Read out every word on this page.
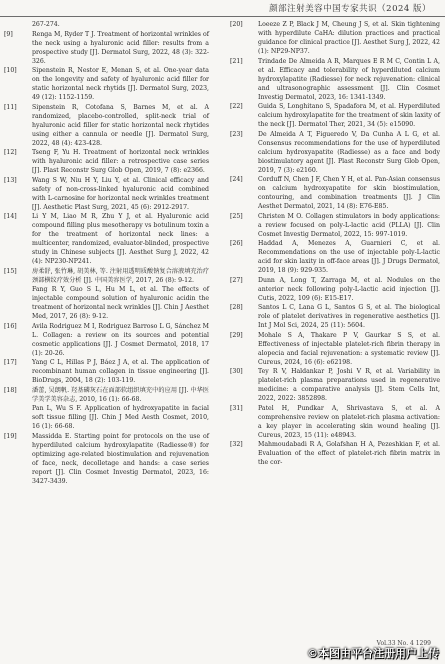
颜部注射美容中国专家共识（2024 版）
267-274.
[9]	Renga M, Ryder T J. Treatment of horizontal wrinkles of the neck using a hyaluronic acid filler: results from a prospective study [J]. Dermatol Surg, 2022, 48 (3): 322-326.
[10]	Sipenstein R, Nestor E, Menan S, et al. One-year data on the longevity and safety of hyaluronic acid filler for static horizontal neck rhytids [J]. Dermatol Surg, 2023, 49 (12): 1152-1159.
[11]	Sipenstein R, Cotofana S, Barnes M, et al. A randomized, placebo-controlled, split-neck trial of hyaluronic acid filler for static horizontal neck rhytides using either a cannula or needle [J]. Dermatol Surg, 2022, 48 (4): 423-428.
[12]	Tseng F, Yu H. Treatment of horizontal neck wrinkles with hyaluronic acid filler: a retrospective case series [J]. Plast Reconstr Surg Glob Open, 2019, 7 (8): e2366.
[13]	Wang S W, Niu H Y, Liu Y, et al. Clinical efficacy and safety of non-cross-linked hyaluronic acid combined with L-carnosine for horizontal neck wrinkles treatment [J]. Aesthetic Plast Surg, 2021, 45 (6): 2912-2917.
[14]	Li Y M, Liao M R, Zhu Y J, et al. Hyaluronic acid compound filling plus mesotherapy vs botulinum toxin a for the treatment of horizontal neck lines: a multicenter, randomized, evaluator-blinded, prospective study in Chinese subjects [J]. Aesthet Surg J, 2022, 42 (4): NP230-NP241.
[15]	房柔舒, 张竹琳, 胡美林, 等. 注射用透明质酸钠复合溶液填充治疗颈部横纹疗效分析 [J]. 中国美容医学, 2017, 26 (8): 9-12.
Fang R Y, Guo S L, Hu M L, et al. The effects of injectable compound solution of hyaluronic acidin the treatment of horizontal neck wrinkles [J]. Chin J Aesthet Med, 2017, 26 (8): 9-12.
[16]	Avila Rodriguez M I, Rodriguez Barroso L G, Sánchez M L. Collagen: a review on its sources and potential cosmetic applications [J]. J Cosmet Dermatol, 2018, 17 (1): 20-26.
[17]	Yang C L, Hillas P J, Báez J A, et al. The application of recombinant human collagen in tissue engineering [J]. BioDrugs, 2004, 18 (2): 103-119.
[18]	潘蕾, 吴朗帆. 羟基磷灰石在面部软组织填充中的应用 [J]. 中华医学美学美容杂志, 2010, 16 (1): 66-68.
Pan L, Wu S F. Application of hydroxyapatite in facial soft tissue filling [J]. Chin J Med Aesth Cosmet, 2010, 16 (1): 66-68.
[19]	Massidda E. Starting point for protocols on the use of hyperdiluted calcium hydroxylapatite (Radiesse®) for optimizing age-related biostimulation and rejuvenation of face, neck, decolletage and hands: a case series report [J]. Clin Cosmet Investig Dermatol, 2023, 16: 3427-3439.
[20]	Loeeze Z P, Black J M, Cheung J S, et al. Skin tightening with hyperdilute CaHA: dilution practices and practical guidance for clinical practice [J]. Aesthet Surg J, 2022, 42 (1): NP29-NP37.
[21]	Trindade De Almeida A R, Marques E R M C, Contin L A, et al. Efficacy and tolerability of hyperdiluted calcium hydroxylapatite (Radiesse) for neck rejuvenation: clinical and ultrasonographic assessment [J]. Clin Cosmet Investig Dermatol, 2023, 16: 1341-1349.
[22]	Guida S, Longhitano S, Spadafora M, et al. Hyperdiluted calcium hydroxylapatite for the treatment of skin laxity of the neck [J]. Dermatol Ther, 2021, 34 (5): e15090.
[23]	De Almeida A T, Figueredo V, Da Cunha A L G, et al. Consensus recommendations for the use of hyperdiluted calcium hydroxyapatite (Radiesse) as a face and body biostimulatory agent [J]. Plast Reconstr Surg Glob Open, 2019, 7 (3): e2160.
[24]	Corduff N, Chen J F, Chen Y H, et al. Pan-Asian consensus on calcium hydroxyapatite for skin biostimulation, contouring, and combination treatments [J]. J Clin Aesthet Dermatol, 2021, 14 (8): E76-E85.
[25]	Christen M O. Collagen stimulators in body applications: a review focused on poly-L-lactic acid (PLLA) [J]. Clin Cosmet Investig Dermatol, 2022, 15: 997-1019.
[26]	Haddad A, Menezes A, Guarnieri C, et al. Recommendations on the use of injectable poly-L-lactic acid for skin laxity in off-face areas [J]. J Drugs Dermatol, 2019, 18 (9): 929-935.
[27]	Dunn A, Long T, Zarraga M, et al. Nodules on the anterior neck following poly-L-lactic acid injection [J]. Cutis, 2022, 109 (6): E15-E17.
[28]	Santos L C, Lana G L, Santos G S, et al. The biological role of platelet derivatives in regenerative aesthetics [J]. Int J Mol Sci, 2024, 25 (11): 5604.
[29]	Mohale S A, Thakare P V, Gaurkar S S, et al. Effectiveness of injectable platelet-rich fibrin therapy in alopecia and facial rejuvenation: a systematic review [J]. Cureus, 2024, 16 (6): e62198.
[30]	Tey R V, Haldankar P, Joshi V R, et al. Variability in platelet-rich plasma preparations used in regenerative medicine: a comparative analysis [J]. Stem Cells Int, 2022, 2022: 3852898.
[31]	Patel H, Pundkar A, Shrivastava S, et al. A comprehensive review on platelet-rich plasma activation: a key player in accelerating skin wound healing [J]. Cureus, 2023, 15 (11): e48943.
[32]	Mahmoudabadi R A, Golafshan H A, Pezeshkian F, et al. Evaluation of the effect of platelet-rich fibrin matrix in the cor-
Vol.33 No. 4 1299
©本图由平台注册用户上传
